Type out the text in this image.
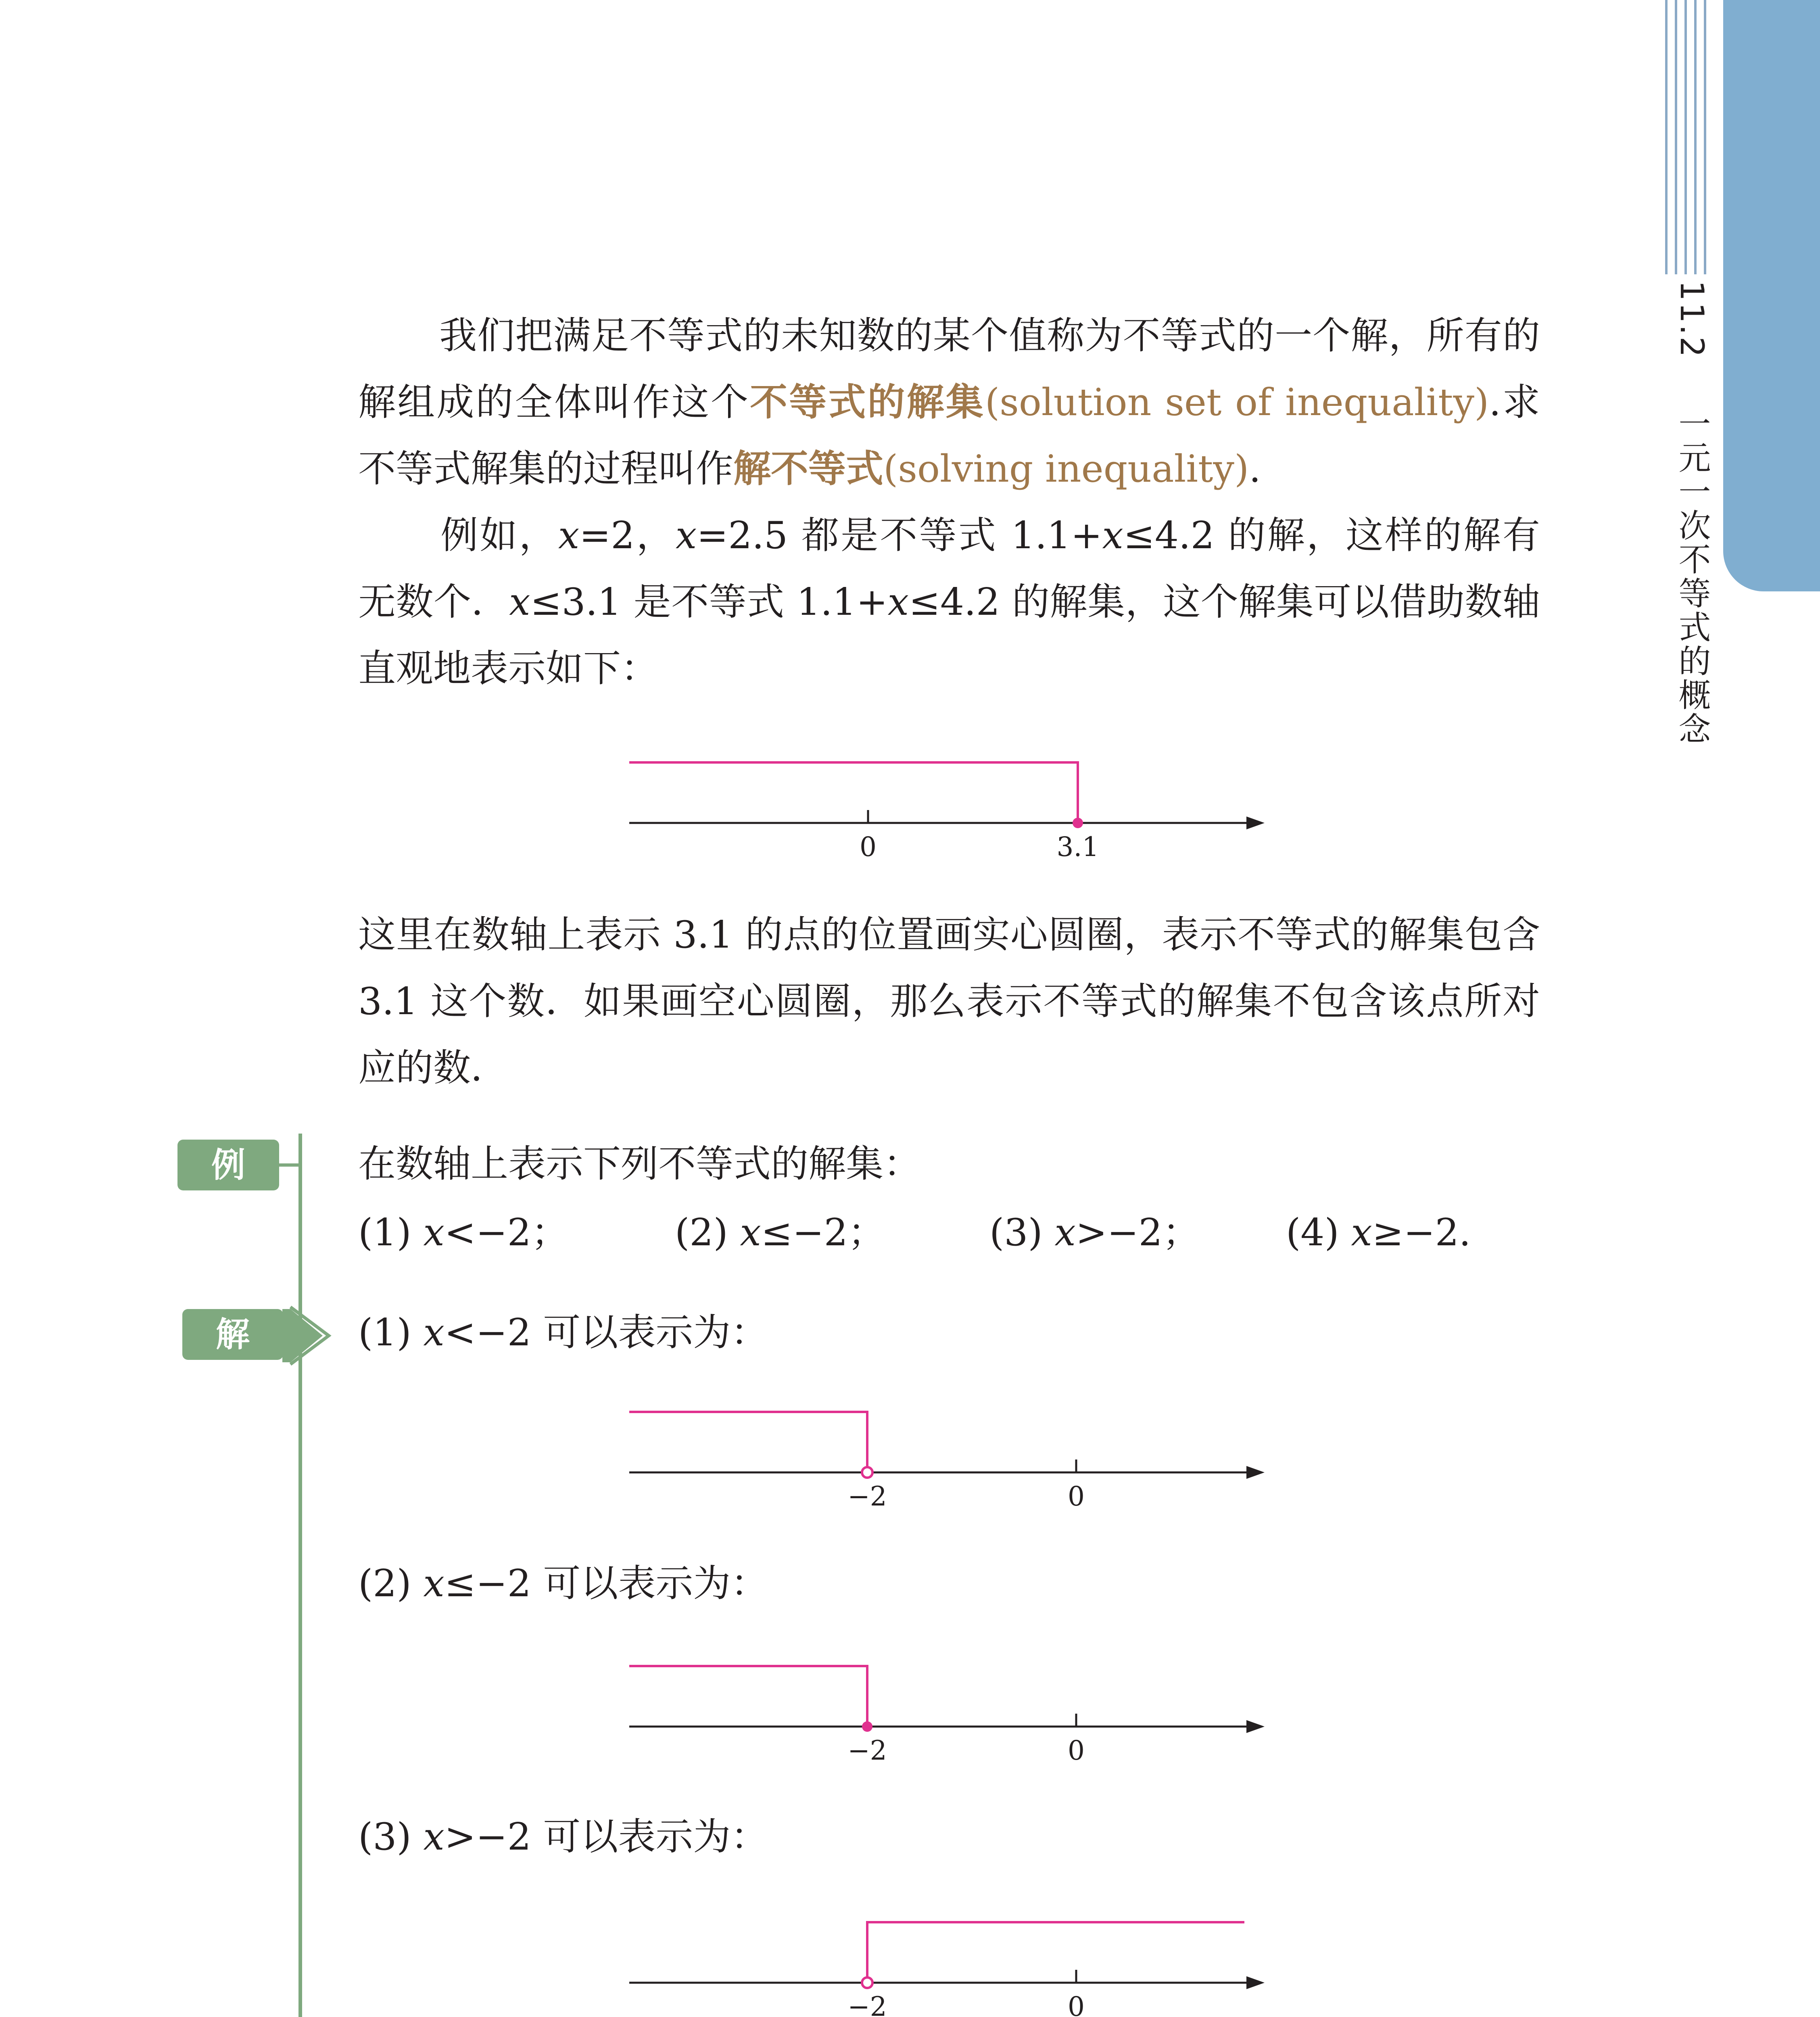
11.2一元一次不等式的概念

我们把满足不等式的未知数的某个值称为不等式的一个解，所有的解组成的全体叫作这个不等式的解集(solution set of inequality).求不等式解集的过程叫作解不等式(solving inequality).

例如，x=2，x=2.5 都是不等式 1.1+x≤4.2 的解，这样的解有无数个．x≤3.1 是不等式 1.1+x≤4.2 的解集，这个解集可以借助数轴直观地表示如下：

0	3.1

这里在数轴上表示 3.1 的点的位置画实心圆圈，表示不等式的解集包含 3.1 这个数．如果画空心圆圈，那么表示不等式的解集不包含该点所对应的数．

例	在数轴上表示下列不等式的解集：

(1) x<−2；	(2) x≤−2；	(3) x>−2； (4) x≥−2.

解	(1) x<−2 可以表示为：

−2	0

(2) x≤−2 可以表示为：

−2	0

(3) x>−2 可以表示为：

−2	0
